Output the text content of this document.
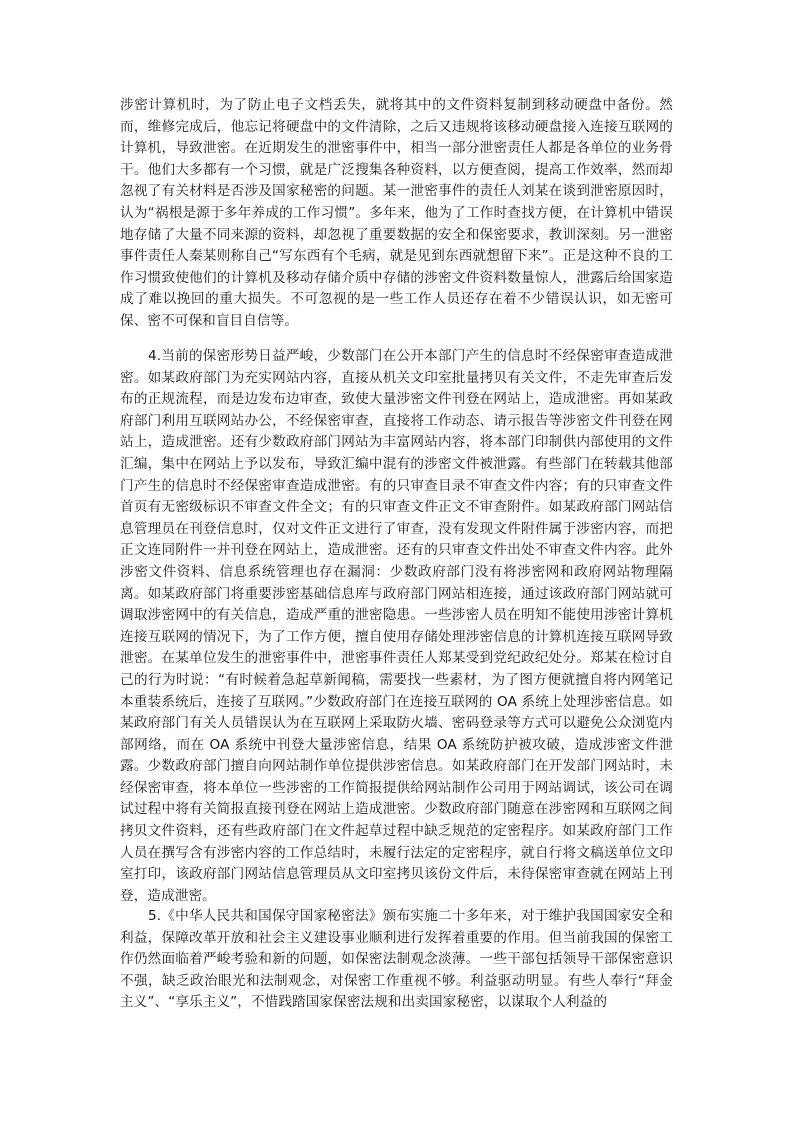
涉密计算机时，为了防止电子文档丢失，就将其中的文件资料复制到移动硬盘中备份。然而，维修完成后，他忘记将硬盘中的文件清除，之后又违规将该移动硬盘接入连接互联网的计算机，导致泄密。在近期发生的泄密事件中，相当一部分泄密责任人都是各单位的业务骨干。他们大多都有一个习惯，就是广泛搜集各种资料，以方便查阅，提高工作效率，然而却忽视了有关材料是否涉及国家秘密的问题。某一泄密事件的责任人刘某在谈到泄密原因时，认为“祸根是源于多年养成的工作习惯”。多年来，他为了工作时查找方便，在计算机中错误地存储了大量不同来源的资料，却忽视了重要数据的安全和保密要求，教训深刻。另一泄密事件责任人秦某则称自己“写东西有个毛病，就是见到东西就想留下来”。正是这种不良的工作习惯致使他们的计算机及移动存储介质中存储的涉密文件资料数量惊人，泄露后给国家造成了难以挽回的重大损失。不可忽视的是一些工作人员还存在着不少错误认识，如无密可保、密不可保和盲目自信等。

4.当前的保密形势日益严峻，少数部门在公开本部门产生的信息时不经保密审查造成泄密。如某政府部门为充实网站内容，直接从机关文印室批量拷贝有关文件，不走先审查后发布的正规流程，而是边发布边审查，致使大量涉密文件刊登在网站上，造成泄密。再如某政府部门利用互联网站办公，不经保密审查，直接将工作动态、请示报告等涉密文件刊登在网站上，造成泄密。还有少数政府部门网站为丰富网站内容，将本部门印制供内部使用的文件汇编，集中在网站上予以发布，导致汇编中混有的涉密文件被泄露。有些部门在转载其他部门产生的信息时不经保密审查造成泄密。有的只审查目录不审查文件内容；有的只审查文件首页有无密级标识不审查文件全文；有的只审查文件正文不审查附件。如某政府部门网站信息管理员在刊登信息时，仅对文件正文进行了审查，没有发现文件附件属于涉密内容，而把正文连同附件一并刊登在网站上，造成泄密。还有的只审查文件出处不审查文件内容。此外涉密文件资料、信息系统管理也存在漏洞：少数政府部门没有将涉密网和政府网站物理隔离。如某政府部门将重要涉密基础信息库与政府部门网站相连接，通过该政府部门网站就可调取涉密网中的有关信息，造成严重的泄密隐患。一些涉密人员在明知不能使用涉密计算机连接互联网的情况下，为了工作方便，擅自使用存储处理涉密信息的计算机连接互联网导致泄密。在某单位发生的泄密事件中，泄密事件责任人郑某受到党纪政纪处分。郑某在检讨自己的行为时说：“有时候着急起草新闻稿，需要找一些素材，为了图方便就擅自将内网笔记本重装系统后，连接了互联网。”少数政府部门在连接互联网的 OA 系统上处理涉密信息。如某政府部门有关人员错误认为在互联网上采取防火墙、密码登录等方式可以避免公众浏览内部网络，而在 OA 系统中刊登大量涉密信息，结果 OA 系统防护被攻破，造成涉密文件泄露。少数政府部门擅自向网站制作单位提供涉密信息。如某政府部门在开发部门网站时，未经保密审查，将本单位一些涉密的工作简报提供给网站制作公司用于网站调试，该公司在调试过程中将有关简报直接刊登在网站上造成泄密。少数政府部门随意在涉密网和互联网之间拷贝文件资料，还有些政府部门在文件起草过程中缺乏规范的定密程序。如某政府部门工作人员在撰写含有涉密内容的工作总结时，未履行法定的定密程序，就自行将文稿送单位文印室打印，该政府部门网站信息管理员从文印室拷贝该份文件后，未待保密审查就在网站上刊登，造成泄密。

5.《中华人民共和国保守国家秘密法》颁布实施二十多年来，对于维护我国国家安全和利益，保障改革开放和社会主义建设事业顺利进行发挥着重要的作用。但当前我国的保密工作仍然面临着严峻考验和新的问题，如保密法制观念淡薄。一些干部包括领导干部保密意识不强，缺乏政治眼光和法制观念，对保密工作重视不够。利益驱动明显。有些人奉行“拜金主义”、“享乐主义”，不惜践踏国家保密法规和出卖国家秘密，以谋取个人利益的
